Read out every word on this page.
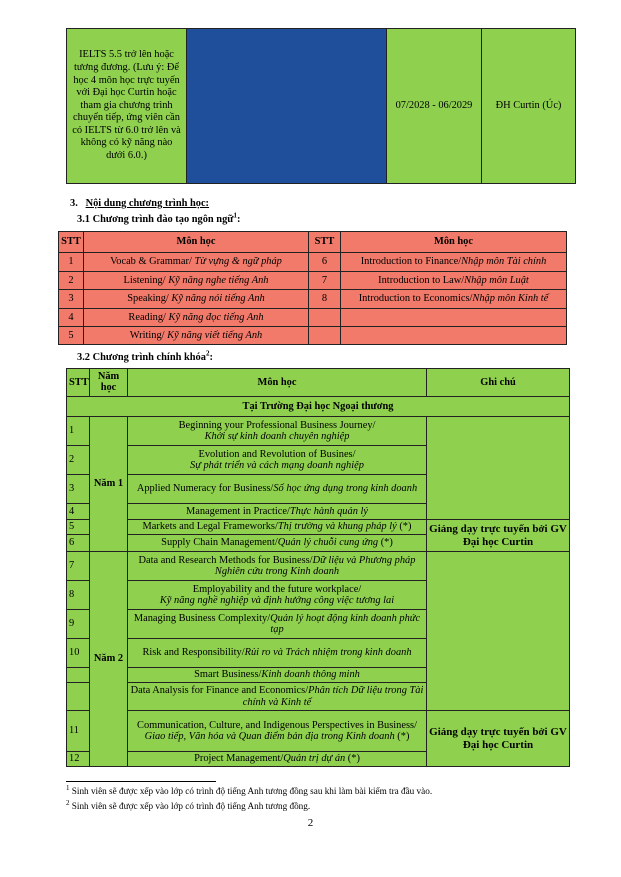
IELTS 5.5 trở lên hoặc tương đương. (Lưu ý: Để học 4 môn học trực tuyến với Đại học Curtin hoặc tham gia chương trình chuyển tiếp, ứng viên cần có IELTS từ 6.0 trở lên và không có kỹ năng nào dưới 6.0.)		07/2028 - 06/2029	ĐH Curtin (Úc)
3. Nội dung chương trình học:
3.1 Chương trình đào tạo ngôn ngữ$^1$:
STT	Môn học	STT	Môn học
1	Vocab & Grammar/ Từ vựng & ngữ pháp	6	Introduction to Finance/Nhập môn Tài chính
2	Listening/ Kỹ năng nghe tiếng Anh	7	Introduction to Law/Nhập môn Luật
3	Speaking/ Kỹ năng nói tiếng Anh	8	Introduction to Economics/Nhập môn Kinh tế
4	Reading/ Kỹ năng đọc tiếng Anh		
5	Writing/ Kỹ năng viết tiếng Anh		
3.2 Chương trình chính khóa$^2$:
STT	Năm học	Môn học	Ghi chú
Tại Trường Đại học Ngoại thương			
1	Năm 1	Beginning your Professional Business Journey/
Khởi sự kinh doanh chuyên nghiệp	
2		Evolution and Revolution of Busines/
Sự phát triển và cách mạng doanh nghiệp	
3		Applied Numeracy for Business/Số học ứng dụng trong kinh doanh	
4		Management in Practice/Thực hành quản lý	
5		Markets and Legal Frameworks/Thị trường và khung pháp lý (*)	Giảng dạy trực tuyến bởi GV Đại học Curtin
6		Supply Chain Management/Quản lý chuỗi cung ứng (*)	
7	Năm 2	Data and Research Methods for Business/Dữ liệu và Phương pháp Nghiên cứu trong Kinh doanh	
8		Employability and the future workplace/
Kỹ năng nghề nghiệp và định hướng công việc tương lai	
9		Managing Business Complexity/Quản lý hoạt động kinh doanh phức tạp	
10		Risk and Responsibility/Rủi ro và Trách nhiệm trong kinh doanh	
		Smart Business/Kinh doanh thông minh	
		Data Analysis for Finance and Economics/Phân tích Dữ liệu trong Tài chính và Kinh tế	
11		Communication, Culture, and Indigenous Perspectives in Business/
Giao tiếp, Văn hóa và Quan điểm bản địa trong Kinh doanh (*)	Giảng dạy trực tuyến bởi GV Đại học Curtin
12		Project Management/Quản trị dự án (*)	
$^1$ Sinh viên sẽ được xếp vào lớp có trình độ tiếng Anh tương đồng sau khi làm bài kiểm tra đầu vào.
$^2$ Sinh viên sẽ được xếp vào lớp có trình độ tiếng Anh tương đồng.
2
